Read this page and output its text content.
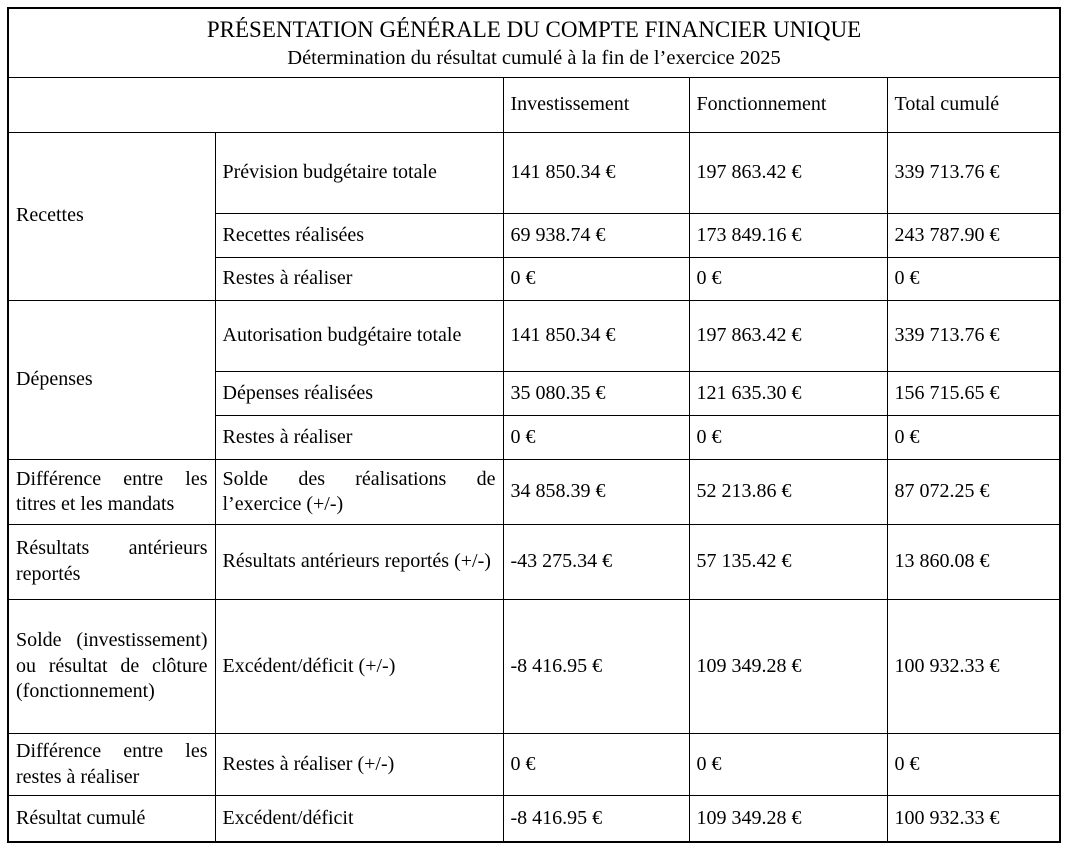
PRÉSENTATION GÉNÉRALE DU COMPTE FINANCIER UNIQUE
Détermination du résultat cumulé à la fin de l’exercice 2025				

		Investissement	Fonctionnement	Total cumulé
Recettes	Prévision budgétaire totale	141 850.34 €	197 863.42 €	339 713.76 €
	Recettes réalisées	69 938.74 €	173 849.16 €	243 787.90 €
	Restes à réaliser	0 €	0 €	0 €
Dépenses	Autorisation budgétaire totale	141 850.34 €	197 863.42 €	339 713.76 €
	Dépenses réalisées	35 080.35 €	121 635.30 €	156 715.65 €
	Restes à réaliser	0 €	0 €	0 €
Différence entre les titres et les mandats	Solde des réalisations de l’exercice (+/-)	34 858.39 €	52 213.86 €	87 072.25 €
Résultats antérieurs reportés	Résultats antérieurs reportés (+/-)	-43 275.34 €	57 135.42 €	13 860.08 €
Solde (investissement) ou résultat de clôture (fonctionnement)	Excédent/déficit (+/-)	-8 416.95 €	109 349.28 €	100 932.33 €
Différence entre les restes à réaliser	Restes à réaliser (+/-)	0 €	0 €	0 €
Résultat cumulé	Excédent/déficit	-8 416.95 €	109 349.28 €	100 932.33 €
